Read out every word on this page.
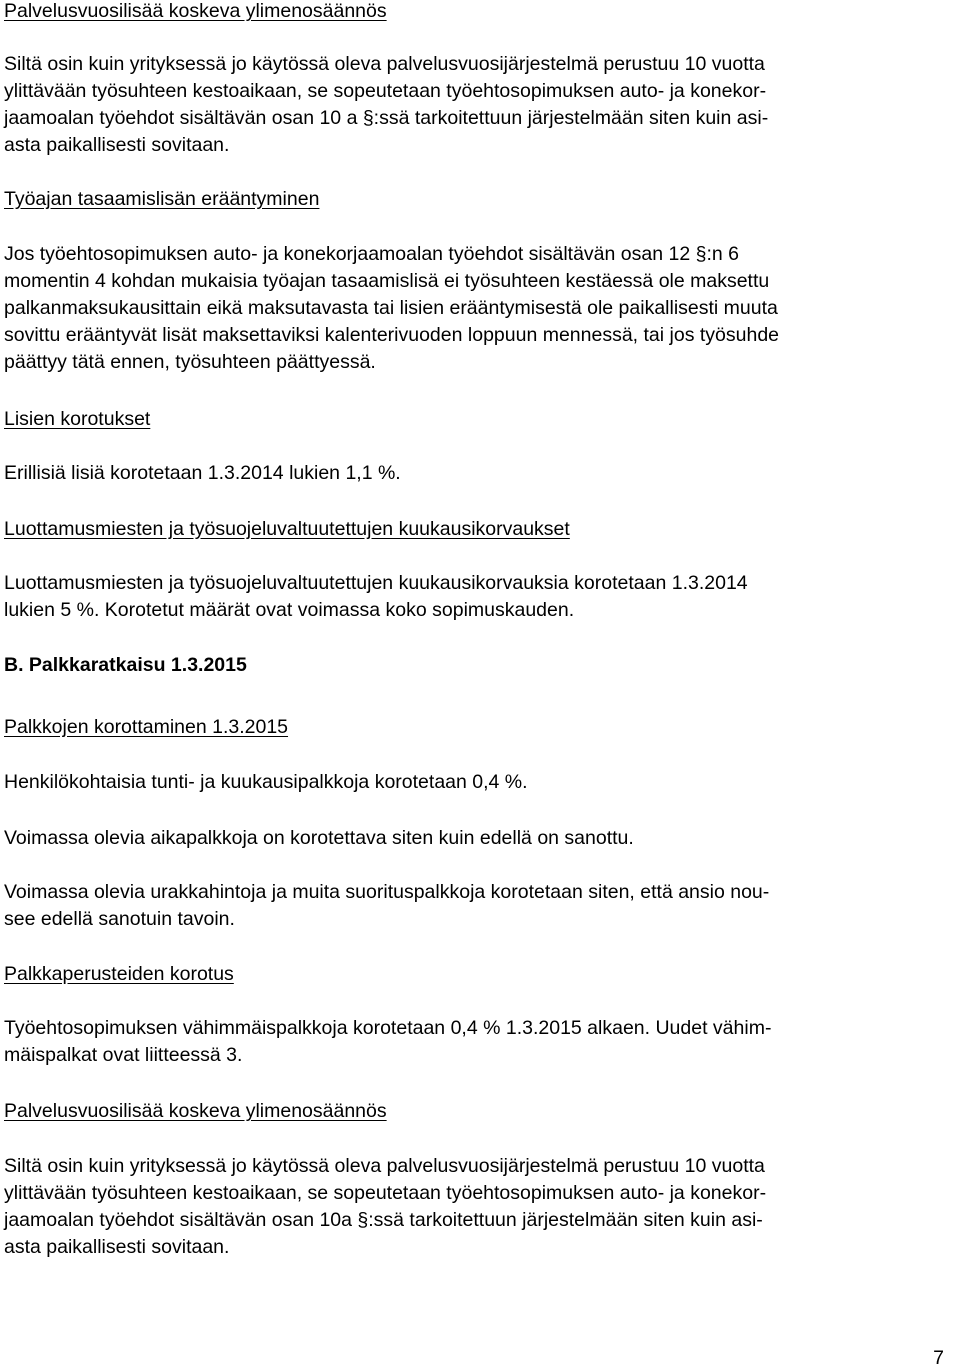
Palvelusvuosilisää koskeva ylimenosäännös

Siltä osin kuin yrityksessä jo käytössä oleva palvelusvuosijärjestelmä perustuu 10 vuotta

ylittävään työsuhteen kestoaikaan, se sopeutetaan työehtosopimuksen auto- ja konekor-

jaamoalan työehdot sisältävän osan 10 a §:ssä tarkoitettuun järjestelmään siten kuin asi-

asta paikallisesti sovitaan.

Työajan tasaamislisän erääntyminen

Jos työehtosopimuksen auto- ja konekorjaamoalan työehdot sisältävän osan 12 §:n 6

momentin 4 kohdan mukaisia työajan tasaamislisä ei työsuhteen kestäessä ole maksettu

palkanmaksukausittain eikä maksutavasta tai lisien erääntymisestä ole paikallisesti muuta

sovittu erääntyvät lisät maksettaviksi kalenterivuoden loppuun mennessä, tai jos työsuhde

päättyy tätä ennen, työsuhteen päättyessä.

Lisien korotukset

Erillisiä lisiä korotetaan 1.3.2014 lukien 1,1 %.

Luottamusmiesten ja työsuojeluvaltuutettujen kuukausikorvaukset

Luottamusmiesten ja työsuojeluvaltuutettujen kuukausikorvauksia korotetaan 1.3.2014

lukien 5 %. Korotetut määrät ovat voimassa koko sopimuskauden.

B. Palkkaratkaisu 1.3.2015

Palkkojen korottaminen 1.3.2015

Henkilökohtaisia tunti- ja kuukausipalkkoja korotetaan 0,4 %.

Voimassa olevia aikapalkkoja on korotettava siten kuin edellä on sanottu.

Voimassa olevia urakkahintoja ja muita suorituspalkkoja korotetaan siten, että ansio nou-

see edellä sanotuin tavoin.

Palkkaperusteiden korotus

Työehtosopimuksen vähimmäispalkkoja korotetaan 0,4 % 1.3.2015 alkaen. Uudet vähim-

mäispalkat ovat liitteessä 3.

Palvelusvuosilisää koskeva ylimenosäännös

Siltä osin kuin yrityksessä jo käytössä oleva palvelusvuosijärjestelmä perustuu 10 vuotta

ylittävään työsuhteen kestoaikaan, se sopeutetaan työehtosopimuksen auto- ja konekor-

jaamoalan työehdot sisältävän osan 10a §:ssä tarkoitettuun järjestelmään siten kuin asi-

asta paikallisesti sovitaan.

7
